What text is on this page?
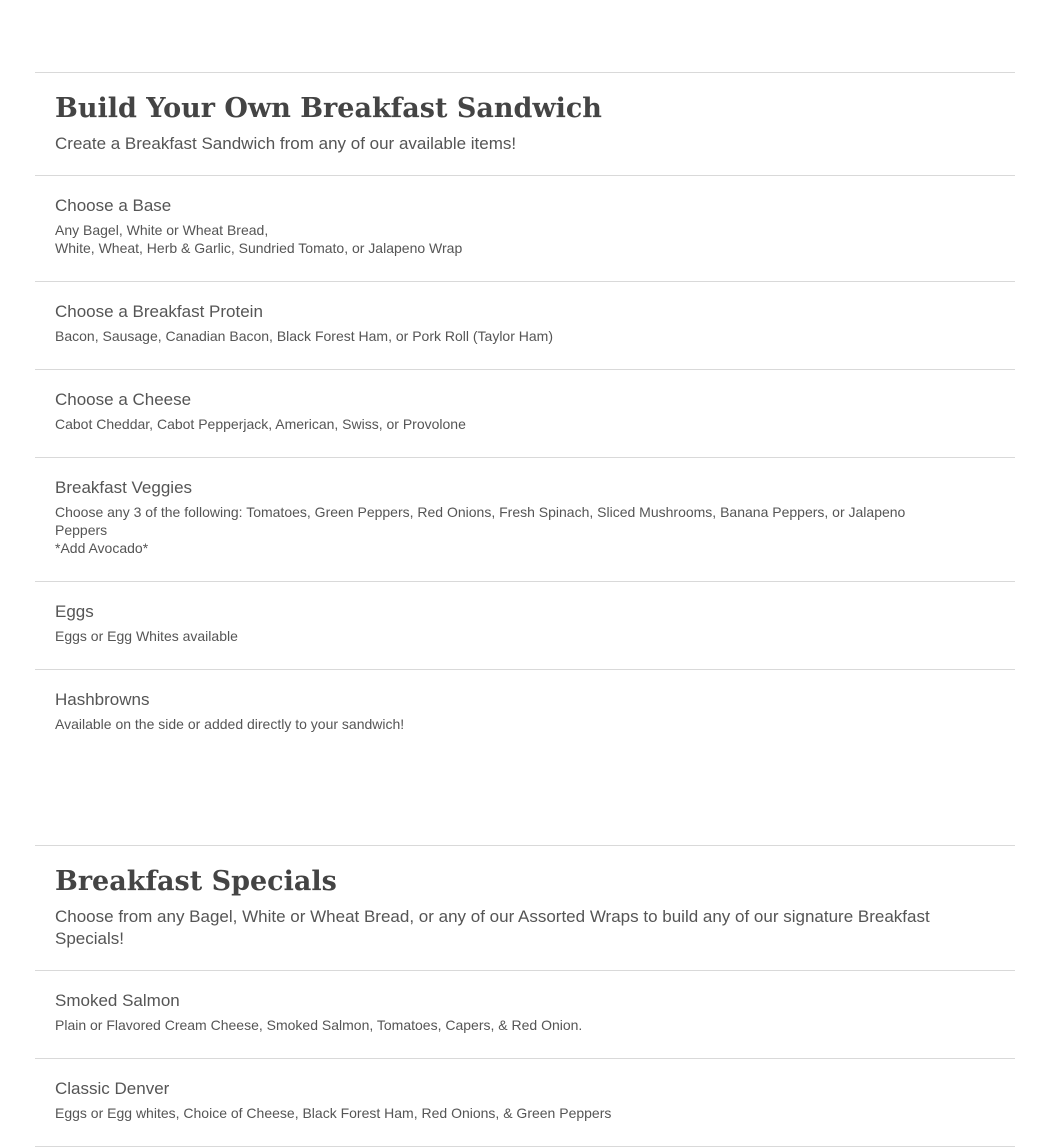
Build Your Own Breakfast Sandwich

Create a Breakfast Sandwich from any of our available items!

Choose a Base
Any Bagel, White or Wheat Bread,
White, Wheat, Herb & Garlic, Sundried Tomato, or Jalapeno Wrap
Choose a Breakfast Protein
Bacon, Sausage, Canadian Bacon, Black Forest Ham, or Pork Roll (Taylor Ham)
Choose a Cheese
Cabot Cheddar, Cabot Pepperjack, American, Swiss, or Provolone
Breakfast Veggies
Choose any 3 of the following: Tomatoes, Green Peppers, Red Onions, Fresh Spinach, Sliced Mushrooms, Banana Peppers, or Jalapeno Peppers
*Add Avocado*
Eggs
Eggs or Egg Whites available
Hashbrowns
Available on the side or added directly to your sandwich!
Breakfast Specials

Choose from any Bagel, White or Wheat Bread, or any of our Assorted Wraps to build any of our signature Breakfast Specials!

Smoked Salmon
Plain or Flavored Cream Cheese, Smoked Salmon, Tomatoes, Capers, & Red Onion.
Classic Denver
Eggs or Egg whites, Choice of Cheese, Black Forest Ham, Red Onions, & Green Peppers
